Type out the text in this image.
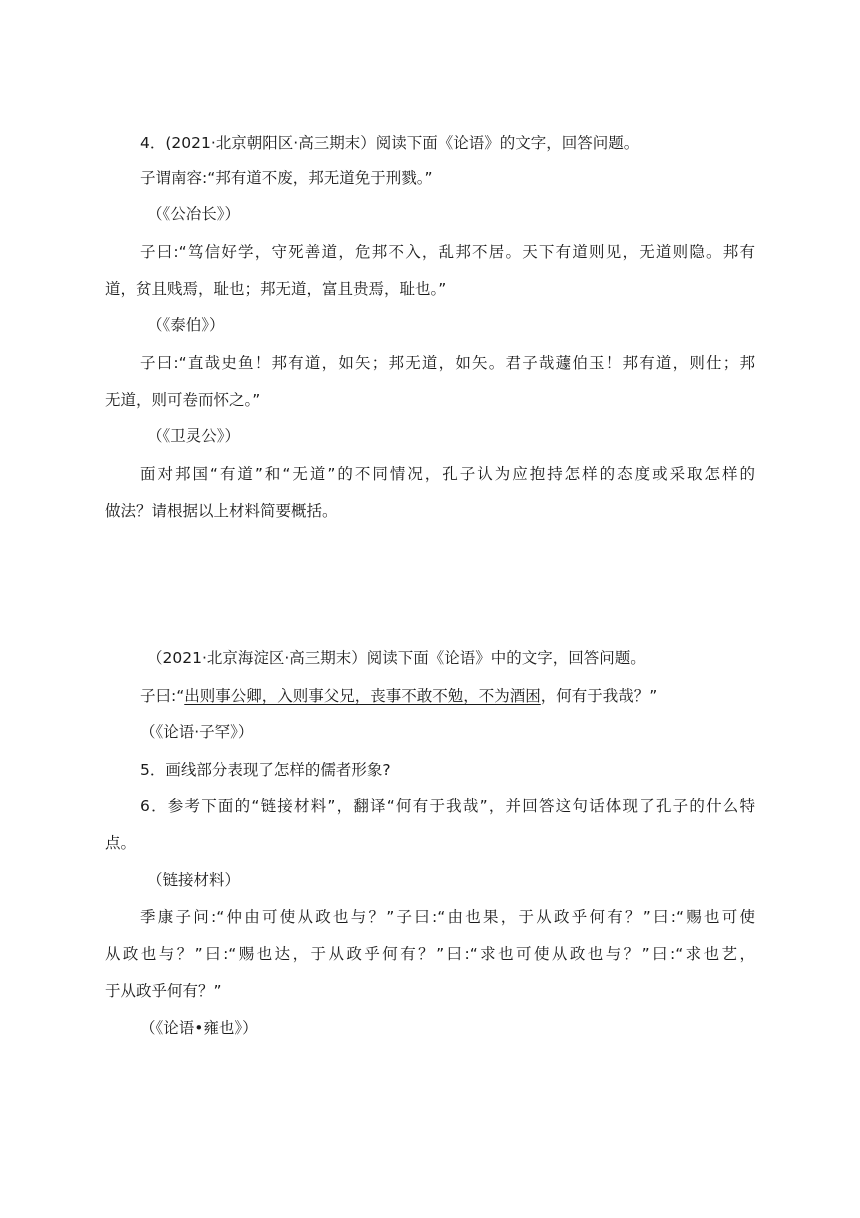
4．(2021·北京朝阳区·高三期末）阅读下面《论语》的文字，回答问题。
子谓南容:“邦有道不废，邦无道免于刑戮。”
（《公冶长》）
子曰:“笃信好学，守死善道，危邦不入，乱邦不居。天下有道则见，无道则隐。邦有
道，贫且贱焉，耻也；邦无道，富且贵焉，耻也。”
（《泰伯》）
子曰:“直哉史鱼！邦有道，如矢；邦无道，如矢。君子哉蘧伯玉！邦有道，则仕；邦
无道，则可卷而怀之。”
（《卫灵公》）
面对邦国“有道”和“无道”的不同情况，孔子认为应抱持怎样的态度或采取怎样的
做法？请根据以上材料简要概括。
（2021·北京海淀区·高三期末）阅读下面《论语》中的文字，回答问题。
子曰:“出则事公卿，入则事父兄，丧事不敢不勉，不为酒困，何有于我哉？”
（《论语·子罕》）
5．画线部分表现了怎样的儒者形象?
6．参考下面的“链接材料”，翻译“何有于我哉”，并回答这句话体现了孔子的什么特
点。
（链接材料）
季康子问:“仲由可使从政也与？”子曰:“由也果，于从政乎何有？”曰:“赐也可使
从政也与？”曰:“赐也达，于从政乎何有？”曰:“求也可使从政也与？”曰:“求也艺，
于从政乎何有？”
（《论语•雍也》）
